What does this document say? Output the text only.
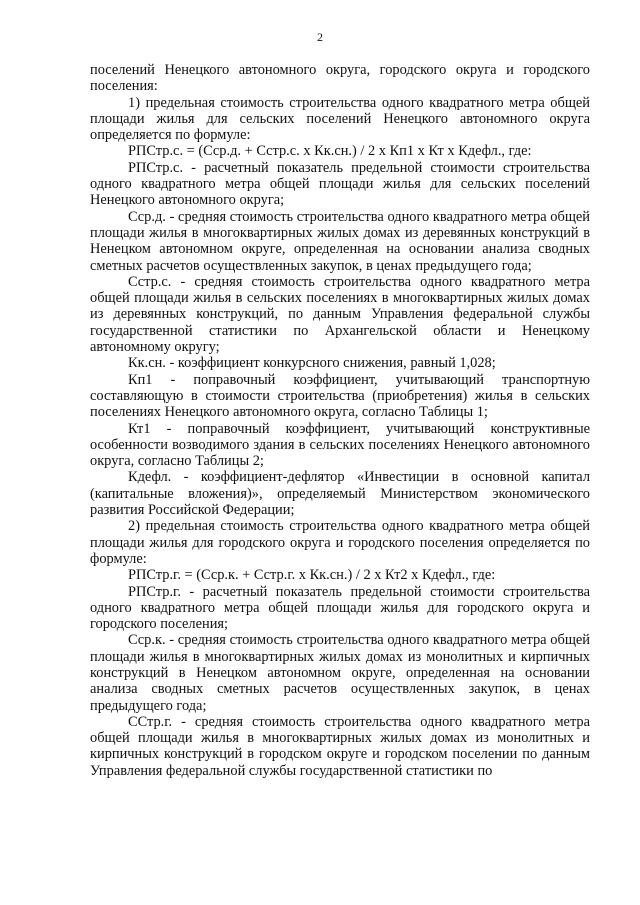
2

поселений Ненецкого автономного округа, городского округа и городского поселения:

1) предельная стоимость строительства одного квадратного метра общей площади жилья для сельских поселений Ненецкого автономного округа определяется по формуле:

РПСтр.с. = (Сср.д. + Сстр.с. х Кк.сн.) / 2 х Кп1 х Кт х Кдефл., где:

РПСтр.с. - расчетный показатель предельной стоимости строительства одного квадратного метра общей площади жилья для сельских поселений Ненецкого автономного округа;

Сср.д. - средняя стоимость строительства одного квадратного метра общей площади жилья в многоквартирных жилых домах из деревянных конструкций в Ненецком автономном округе, определенная на основании анализа сводных сметных расчетов осуществленных закупок, в ценах предыдущего года;

Сстр.с. - средняя стоимость строительства одного квадратного метра общей площади жилья в сельских поселениях в многоквартирных жилых домах из деревянных конструкций, по данным Управления федеральной службы государственной статистики по Архангельской области и Ненецкому автономному округу;

Кк.сн. - коэффициент конкурсного снижения, равный 1,028;

Кп1 - поправочный коэффициент, учитывающий транспортную составляющую в стоимости строительства (приобретения) жилья в сельских поселениях Ненецкого автономного округа, согласно Таблицы 1;

Кт1 - поправочный коэффициент, учитывающий конструктивные особенности возводимого здания в сельских поселениях Ненецкого автономного округа, согласно Таблицы 2;

Кдефл. - коэффициент-дефлятор «Инвестиции в основной капитал (капитальные вложения)», определяемый Министерством экономического развития Российской Федерации;

2) предельная стоимость строительства одного квадратного метра общей площади жилья для городского округа и городского поселения определяется по формуле:

РПСтр.г. = (Сср.к. + Сстр.г. х Кк.сн.) / 2 х Кт2 х Кдефл., где:

РПСтр.г. - расчетный показатель предельной стоимости строительства одного квадратного метра общей площади жилья для городского округа и городского поселения;

Сср.к. - средняя стоимость строительства одного квадратного метра общей площади жилья в многоквартирных жилых домах из монолитных и кирпичных конструкций в Ненецком автономном округе, определенная на основании анализа сводных сметных расчетов осуществленных закупок, в ценах предыдущего года;

ССтр.г. - средняя стоимость строительства одного квадратного метра общей площади жилья в многоквартирных жилых домах из монолитных и кирпичных конструкций в городском округе и городском поселении по данным Управления федеральной службы государственной статистики по
